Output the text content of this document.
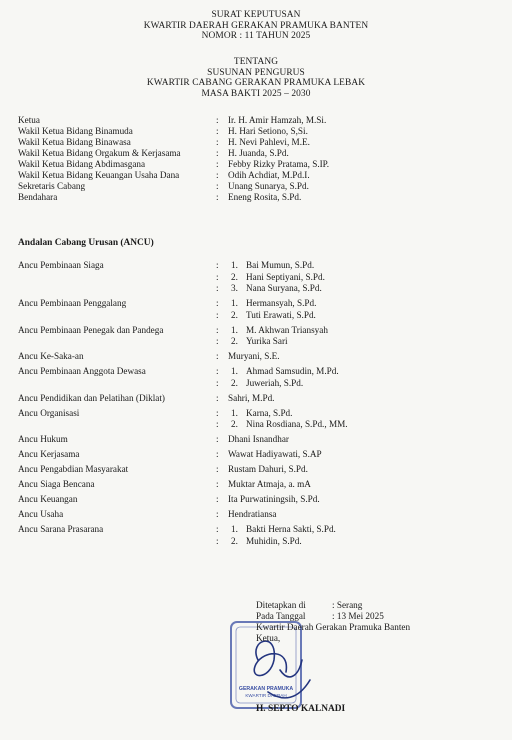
SURAT KEPUTUSAN
KWARTIR DAERAH GERAKAN PRAMUKA BANTEN
NOMOR : 11 TAHUN 2025
TENTANG
SUSUNAN PENGURUS
KWARTIR CABANG GERAKAN PRAMUKA LEBAK
MASA BAKTI 2025 – 2030
Ketua	: Ir. H. Amir Hamzah, M.Si.
Wakil Ketua Bidang Binamuda	: H. Hari Setiono, S,Si.
Wakil Ketua Bidang Binawasa	: H. Nevi Pahlevi, M.E.
Wakil Ketua Bidang Orgakum & Kerjasama	: H. Juanda, S.Pd.
Wakil Ketua Bidang Abdimasgana	: Febby Rizky Pratama, S.IP.
Wakil Ketua Bidang Keuangan Usaha Dana	: Odih Achdiat, M.Pd.I.
Sekretaris Cabang	: Unang Sunarya, S.Pd.
Bendahara	: Eneng Rosita, S.Pd.
Andalan Cabang Urusan (ANCU)
Ancu Pembinaan Siaga	: 1. Bai Mumun, S.Pd.
: 2. Hani Septiyani, S.Pd.
: 3. Nana Suryana, S.Pd.
Ancu Pembinaan Penggalang	: 1. Hermansyah, S.Pd.
: 2. Tuti Erawati, S.Pd.
Ancu Pembinaan Penegak dan Pandega	: 1. M. Akhwan Triansyah
: 2. Yurika Sari
Ancu Ke-Saka-an	: Muryani, S.E.
Ancu Pembinaan Anggota Dewasa	: 1. Ahmad Samsudin, M.Pd.
: 2. Juweriah, S.Pd.
Ancu Pendidikan dan Pelatihan (Diklat)	: Sahri, M.Pd.
Ancu Organisasi	: 1. Karna, S.Pd.
: 2. Nina Rosdiana, S.Pd., MM.
Ancu Hukum	: Dhani Isnandhar
Ancu Kerjasama	: Wawat Hadiyawati, S.AP
Ancu Pengabdian Masyarakat	: Rustam Dahuri, S.Pd.
Ancu Siaga Bencana	: Muktar Atmaja, a. mA
Ancu Keuangan	: Ita Purwatiningsih, S.Pd.
Ancu Usaha	: Hendratiansa
Ancu Sarana Prasarana	: 1. Bakti Herna Sakti, S.Pd.
: 2. Muhidin, S.Pd.
GERAKAN PRAMUKA
KWARTIR DAERAH
Ditetapkan di	: Serang
Pada Tanggal	: 13 Mei 2025
Kwartir Daerah Gerakan Pramuka Banten
Ketua,
H. SEPTO KALNADI
